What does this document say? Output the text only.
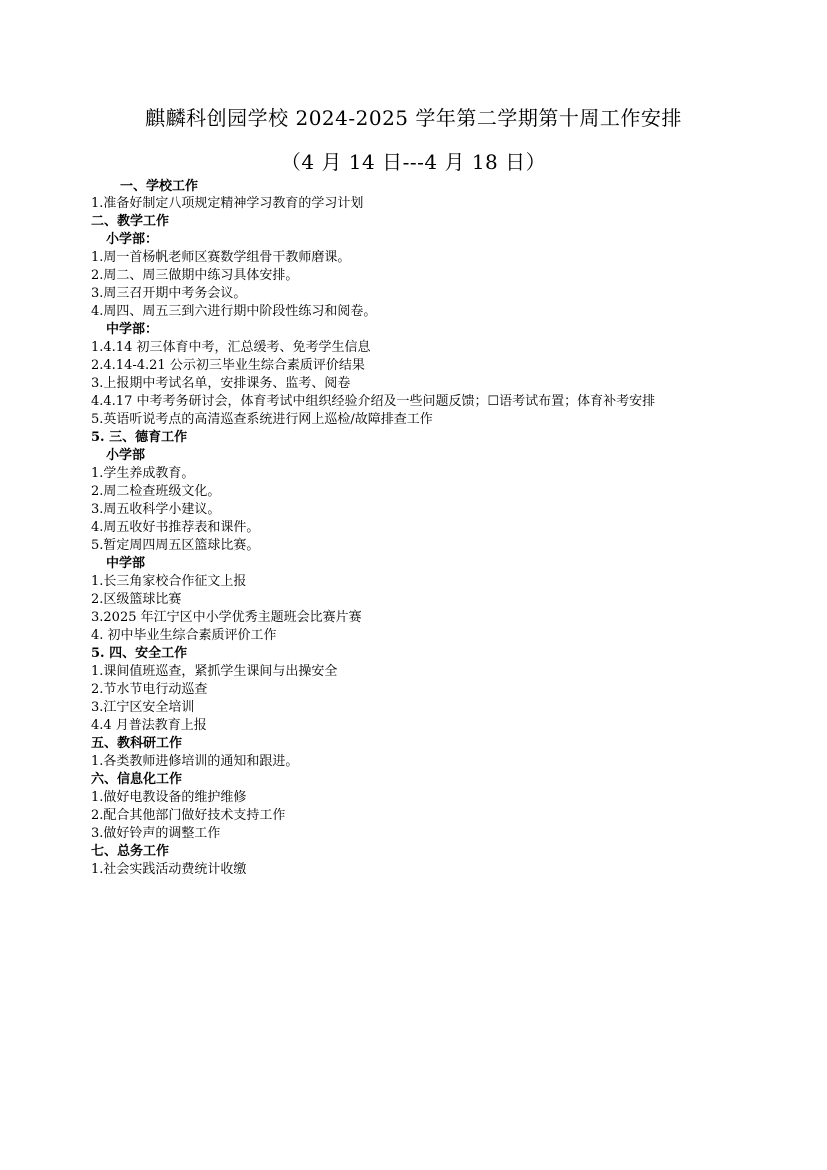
麒麟科创园学校 2024-2025 学年第二学期第十周工作安排
（4 月 14 日---4 月 18 日）
一、学校工作
1.准备好制定八项规定精神学习教育的学习计划
二、教学工作
小学部：
1.周一首杨帆老师区赛数学组骨干教师磨课。
2.周二、周三做期中练习具体安排。
3.周三召开期中考务会议。
4.周四、周五三到六进行期中阶段性练习和阅卷。
中学部：
1.4.14 初三体育中考，汇总缓考、免考学生信息
2.4.14-4.21 公示初三毕业生综合素质评价结果
3.上报期中考试名单，安排课务、监考、阅卷
4.4.17 中考考务研讨会，体育考试中组织经验介绍及一些问题反馈；☐语考试布置；体育补考安排
5.英语听说考点的高清巡查系统进行网上巡检/故障排查工作
5. 三、德育工作
小学部
1.学生养成教育。
2.周二检查班级文化。
3.周五收科学小建议。
4.周五收好书推荐表和课件。
5.暂定周四周五区篮球比赛。
中学部
1.长三角家校合作征文上报
2.区级篮球比赛
3.2025 年江宁区中小学优秀主题班会比赛片赛
4. 初中毕业生综合素质评价工作
5. 四、安全工作
1.课间值班巡查，紧抓学生课间与出操安全
2.节水节电行动巡查
3.江宁区安全培训
4.4 月普法教育上报
五、教科研工作
1.各类教师进修培训的通知和跟进。
六、信息化工作
1.做好电教设备的维护维修
2.配合其他部门做好技术支持工作
3.做好铃声的调整工作
七、总务工作
1.社会实践活动费统计收缴
